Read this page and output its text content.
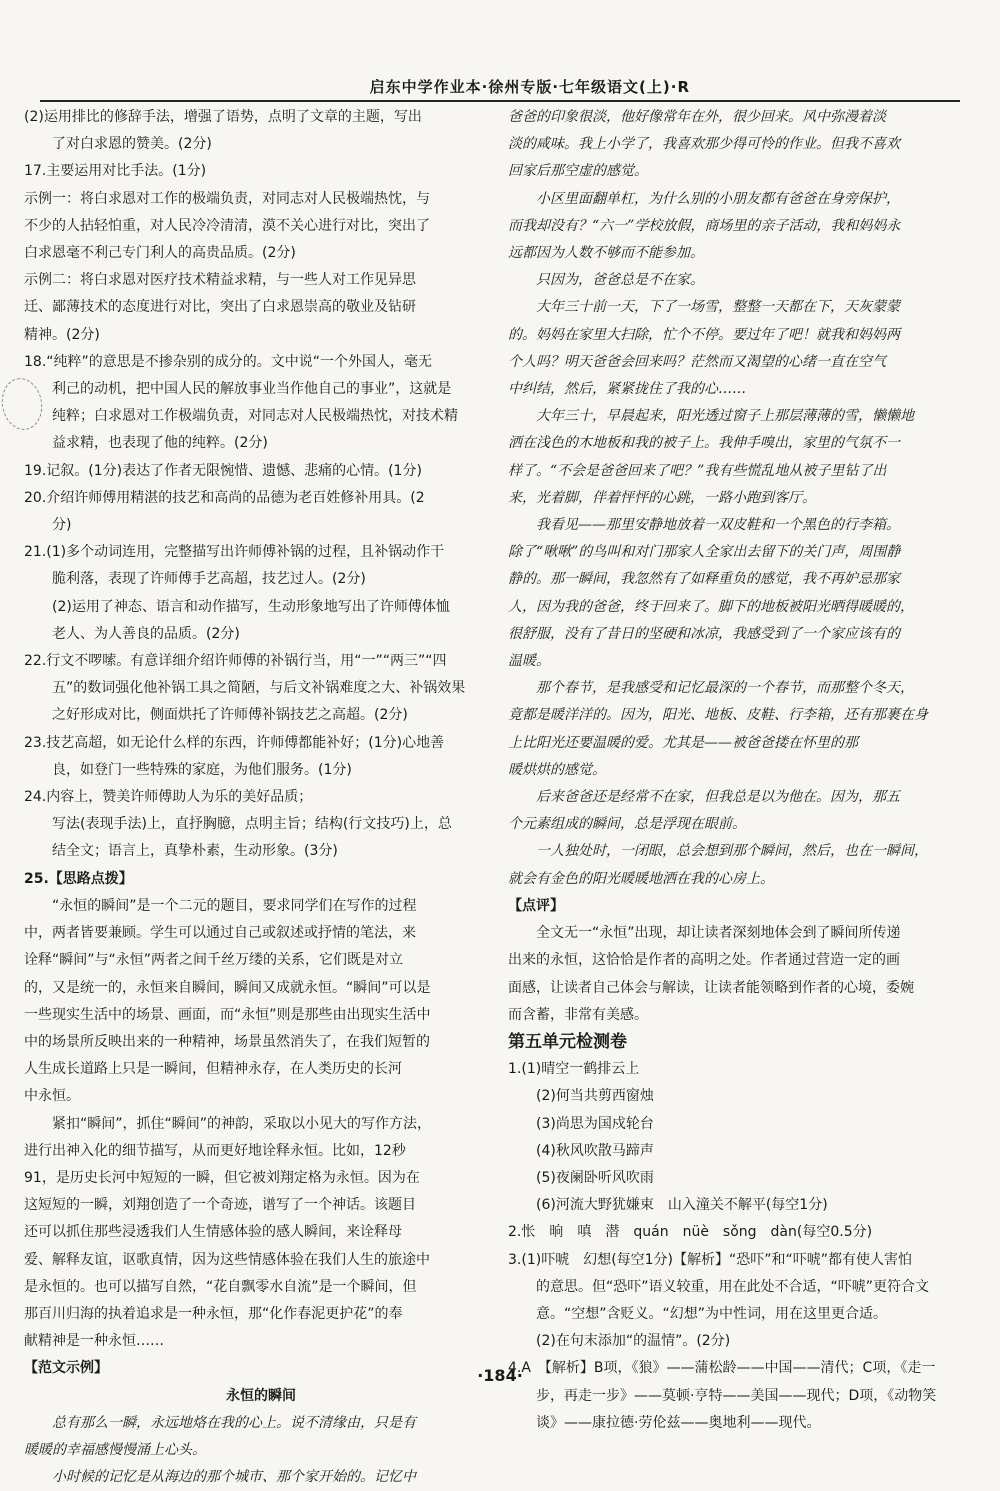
启东中学作业本·徐州专版·七年级语文(上)·R

(2)运用排比的修辞手法，增强了语势，点明了文章的主题，写出

了对白求恩的赞美。(2分)

17.主要运用对比手法。(1分)

示例一：将白求恩对工作的极端负责，对同志对人民极端热忱，与

不少的人拈轻怕重，对人民冷冷清清，漠不关心进行对比，突出了

白求恩毫不利己专门利人的高贵品质。(2分)

示例二：将白求恩对医疗技术精益求精，与一些人对工作见异思

迁、鄙薄技术的态度进行对比，突出了白求恩崇高的敬业及钻研

精神。(2分)

18.“纯粹”的意思是不掺杂别的成分的。文中说“一个外国人，毫无

利己的动机，把中国人民的解放事业当作他自己的事业”，这就是

纯粹；白求恩对工作极端负责，对同志对人民极端热忱，对技术精

益求精，也表现了他的纯粹。(2分)

19.记叙。(1分)表达了作者无限惋惜、遗憾、悲痛的心情。(1分)

20.介绍许师傅用精湛的技艺和高尚的品德为老百姓修补用具。(2

分)

21.(1)多个动词连用，完整描写出许师傅补锅的过程，且补锅动作干

脆利落，表现了许师傅手艺高超，技艺过人。(2分)

(2)运用了神态、语言和动作描写，生动形象地写出了许师傅体恤

老人、为人善良的品质。(2分)

22.行文不啰嗦。有意详细介绍许师傅的补锅行当，用“一”“两三”“四

五”的数词强化他补锅工具之简陋，与后文补锅难度之大、补锅效果

之好形成对比，侧面烘托了许师傅补锅技艺之高超。(2分)

23.技艺高超，如无论什么样的东西，许师傅都能补好；(1分)心地善

良，如登门一些特殊的家庭，为他们服务。(1分)

24.内容上，赞美许师傅助人为乐的美好品质；

写法(表现手法)上，直抒胸臆，点明主旨；结构(行文技巧)上，总

结全文；语言上，真挚朴素，生动形象。(3分)

25.【思路点拨】

“永恒的瞬间”是一个二元的题目，要求同学们在写作的过程

中，两者皆要兼顾。学生可以通过自己或叙述或抒情的笔法，来

诠释“瞬间”与“永恒”两者之间千丝万缕的关系，它们既是对立

的，又是统一的，永恒来自瞬间，瞬间又成就永恒。“瞬间”可以是

一些现实生活中的场景、画面，而“永恒”则是那些由出现实生活中

中的场景所反映出来的一种精神，场景虽然消失了，在我们短暂的

人生成长道路上只是一瞬间，但精神永存，在人类历史的长河

中永恒。

紧扣“瞬间”，抓住“瞬间”的神韵，采取以小见大的写作方法，

进行出神入化的细节描写，从而更好地诠释永恒。比如，12秒

91，是历史长河中短短的一瞬，但它被刘翔定格为永恒。因为在

这短短的一瞬，刘翔创造了一个奇迹，谱写了一个神话。该题目

还可以抓住那些浸透我们人生情感体验的感人瞬间，来诠释母

爱、解释友谊，讴歌真情，因为这些情感体验在我们人生的旅途中

是永恒的。也可以描写自然，“花自飘零水自流”是一个瞬间，但

那百川归海的执着追求是一种永恒，那“化作春泥更护花”的奉

献精神是一种永恒……

【范文示例】

永恒的瞬间

总有那么一瞬，永远地烙在我的心上。说不清缘由，只是有

暖暖的幸福感慢慢涌上心头。

小时候的记忆是从海边的那个城市、那个家开始的。记忆中

爸爸的印象很淡，他好像常年在外，很少回来。风中弥漫着淡

淡的咸味。我上小学了，我喜欢那少得可怜的作业。但我不喜欢

回家后那空虚的感觉。

小区里面翻单杠，为什么别的小朋友都有爸爸在身旁保护，

而我却没有？“六一”学校放假，商场里的亲子活动，我和妈妈永

远都因为人数不够而不能参加。

只因为，爸爸总是不在家。

大年三十前一天，下了一场雪，整整一天都在下，天灰蒙蒙

的。妈妈在家里大扫除，忙个不停。要过年了吧！就我和妈妈两

个人吗？明天爸爸会回来吗？茫然而又渴望的心绪一直在空气

中纠结，然后，紧紧拢住了我的心……

大年三十，早晨起来，阳光透过窗子上那层薄薄的雪，懒懒地

洒在浅色的木地板和我的被子上。我伸手嗅出，家里的气氛不一

样了。“不会是爸爸回来了吧？”我有些慌乱地从被子里钻了出

来，光着脚，伴着怦怦的心跳，一路小跑到客厅。

我看见——那里安静地放着一双皮鞋和一个黑色的行李箱。

除了“啾啾”的鸟叫和对门那家人全家出去留下的关门声，周围静

静的。那一瞬间，我忽然有了如释重负的感觉，我不再妒忌那家

人，因为我的爸爸，终于回来了。脚下的地板被阳光晒得暖暖的，

很舒服，没有了昔日的坚硬和冰凉，我感受到了一个家应该有的

温暖。

那个春节，是我感受和记忆最深的一个春节，而那整个冬天，

竟都是暖洋洋的。因为，阳光、地板、皮鞋、行李箱，还有那裹在身

上比阳光还要温暖的爱。尤其是——被爸爸搂在怀里的那

暖烘烘的感觉。

后来爸爸还是经常不在家，但我总是以为他在。因为，那五

个元素组成的瞬间，总是浮现在眼前。

一人独处时，一闭眼，总会想到那个瞬间，然后，也在一瞬间，

就会有金色的阳光暖暖地洒在我的心房上。

【点评】

全文无一“永恒”出现，却让读者深刻地体会到了瞬间所传递

出来的永恒，这恰恰是作者的高明之处。作者通过营造一定的画

面感，让读者自己体会与解读，让读者能领略到作者的心境，委婉

而含蓄，非常有美感。

第五单元检测卷

1.(1)晴空一鹤排云上

(2)何当共剪西窗烛

(3)尚思为国戍轮台

(4)秋风吹散马蹄声

(5)夜阑卧听风吹雨

(6)河流大野犹嫌束　山入潼关不解平(每空1分)

2.怅　晌　嗔　潜　quán　nüè　sǒng　dàn(每空0.5分)

3.(1)吓唬　幻想(每空1分)【解析】“恐吓”和“吓唬”都有使人害怕

的意思。但“恐吓”语义较重，用在此处不合适，“吓唬”更符合文

意。“空想”含贬义。“幻想”为中性词，用在这里更合适。

(2)在句末添加“的温情”。(2分)

4.A　【解析】B项，《狼》——蒲松龄——中国——清代；C项，《走一

步，再走一步》——莫顿·亨特——美国——现代；D项，《动物笑

谈》——康拉德·劳伦兹——奥地利——现代。

·184·
